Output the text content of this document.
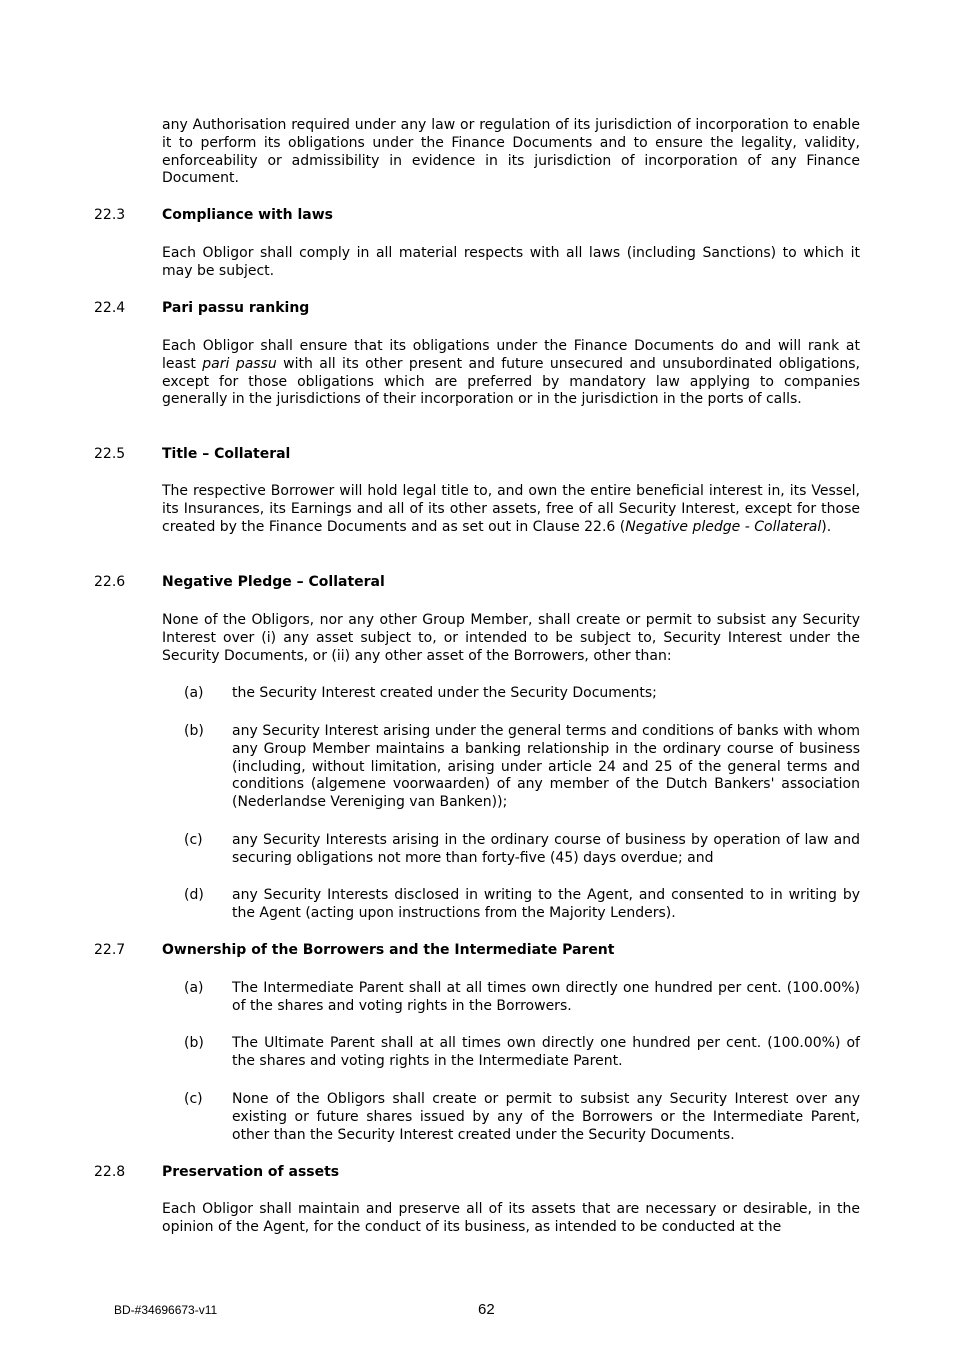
any Authorisation required under any law or regulation of its jurisdiction of incorporation to enable it to perform its obligations under the Finance Documents and to ensure the legality, validity, enforceability or admissibility in evidence in its jurisdiction of incorporation of any Finance Document.
22.3	Compliance with laws
Each Obligor shall comply in all material respects with all laws (including Sanctions) to which it may be subject.
22.4	Pari passu ranking
Each Obligor shall ensure that its obligations under the Finance Documents do and will rank at least pari passu with all its other present and future unsecured and unsubordinated obligations, except for those obligations which are preferred by mandatory law applying to companies generally in the jurisdictions of their incorporation or in the jurisdiction in the ports of calls.
22.5	Title – Collateral
The respective Borrower will hold legal title to, and own the entire beneficial interest in, its Vessel, its Insurances, its Earnings and all of its other assets, free of all Security Interest, except for those created by the Finance Documents and as set out in Clause 22.6 (Negative pledge - Collateral).
22.6	Negative Pledge – Collateral
None of the Obligors, nor any other Group Member, shall create or permit to subsist any Security Interest over (i) any asset subject to, or intended to be subject to, Security Interest under the Security Documents, or (ii) any other asset of the Borrowers, other than:
(a) the Security Interest created under the Security Documents;
(b) any Security Interest arising under the general terms and conditions of banks with whom any Group Member maintains a banking relationship in the ordinary course of business (including, without limitation, arising under article 24 and 25 of the general terms and conditions (algemene voorwaarden) of any member of the Dutch Bankers' association (Nederlandse Vereniging van Banken));
(c) any Security Interests arising in the ordinary course of business by operation of law and securing obligations not more than forty-five (45) days overdue; and
(d) any Security Interests disclosed in writing to the Agent, and consented to in writing by the Agent (acting upon instructions from the Majority Lenders).
22.7	Ownership of the Borrowers and the Intermediate Parent
(a) The Intermediate Parent shall at all times own directly one hundred per cent. (100.00%) of the shares and voting rights in the Borrowers.
(b) The Ultimate Parent shall at all times own directly one hundred per cent. (100.00%) of the shares and voting rights in the Intermediate Parent.
(c) None of the Obligors shall create or permit to subsist any Security Interest over any existing or future shares issued by any of the Borrowers or the Intermediate Parent, other than the Security Interest created under the Security Documents.
22.8	Preservation of assets
Each Obligor shall maintain and preserve all of its assets that are necessary or desirable, in the opinion of the Agent, for the conduct of its business, as intended to be conducted at the
BD-#34696673-v11	62
